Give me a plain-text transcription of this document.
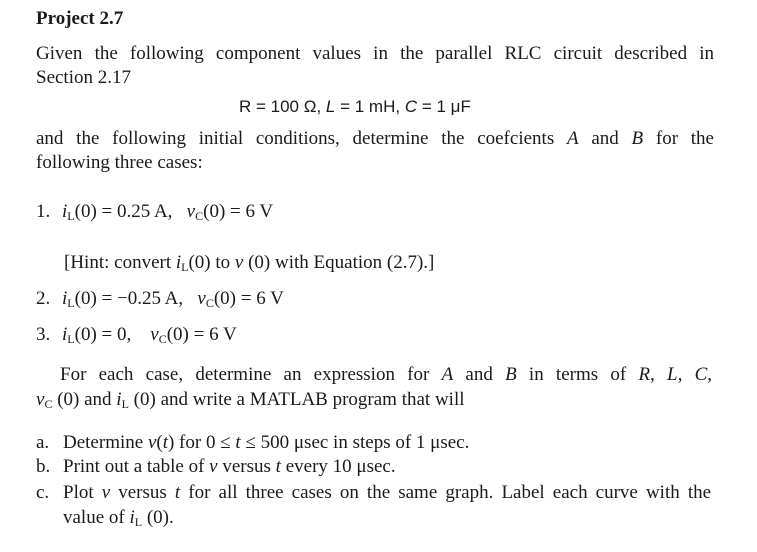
Project 2.7
Given the following component values in the parallel RLC circuit described in
Section 2.17
R = 100 Ω, L = 1 mH, C = 1 μF
and the following initial conditions, determine the coefcients A and B for the
following three cases:
1. $i_L(0) = 0.25$ A, $v_C(0) = 6$ V
[Hint: convert $i_L(0)$ to v (0) with Equation (2.7).]
2. $i_L(0) = -0.25$ A, $v_C(0) = 6$ V
3. $i_L(0) = 0$, $v_C(0) = 6$ V
For each case, determine an expression for A and B in terms of R, L, C,
$v_C$ (0) and $i_L$ (0) and write a MATLAB program that will
a. Determine v(t) for 0 ≤ t ≤ 500 μsec in steps of 1 μsec.
b. Print out a table of v versus t every 10 μsec.
c. Plot v versus t for all three cases on the same graph. Label each curve with the
value of $i_L$ (0).
